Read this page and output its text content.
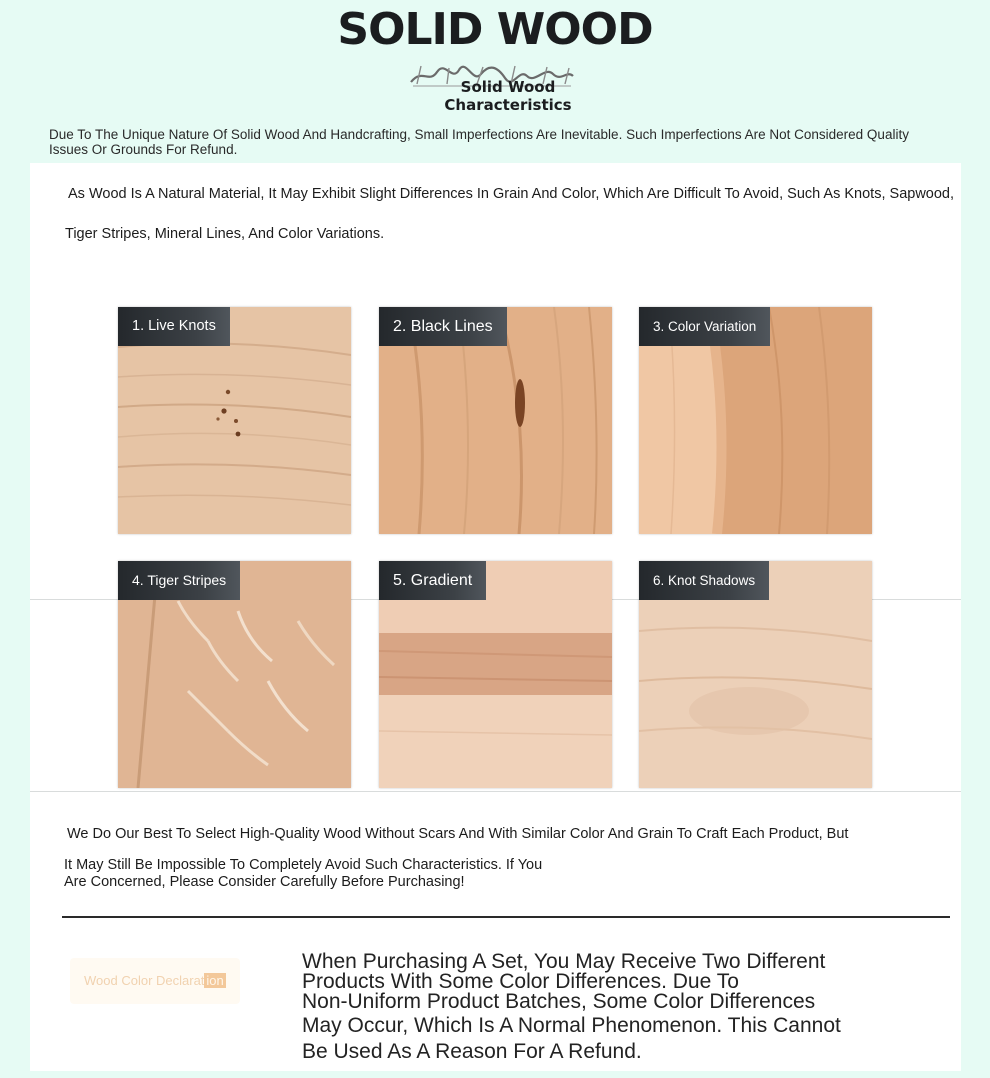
SOLID WOOD
Solid Wood Characteristics
Due To The Unique Nature Of Solid Wood And Handcrafting, Small Imperfections Are Inevitable. Such Imperfections Are Not Considered Quality Issues Or Grounds For Refund.
As Wood Is A Natural Material, It May Exhibit Slight Differences In Grain And Color, Which Are Difficult To Avoid, Such As Knots, Sapwood,
Tiger Stripes, Mineral Lines, And Color Variations.
1. Live Knots	2. Black Lines	3. Color Variation
4. Tiger Stripes	5. Gradient	6. Knot Shadows
We Do Our Best To Select High-Quality Wood Without Scars And With Similar Color And Grain To Craft Each Product, But
It May Still Be Impossible To Completely Avoid Such Characteristics. If You
Are Concerned, Please Consider Carefully Before Purchasing!
Wood Color Declarat ion
When Purchasing A Set, You May Receive Two Different
Products With Some Color Differences. Due To
Non-Uniform Product Batches, Some Color Differences
May Occur, Which Is A Normal Phenomenon. This Cannot
Be Used As A Reason For A Refund.
